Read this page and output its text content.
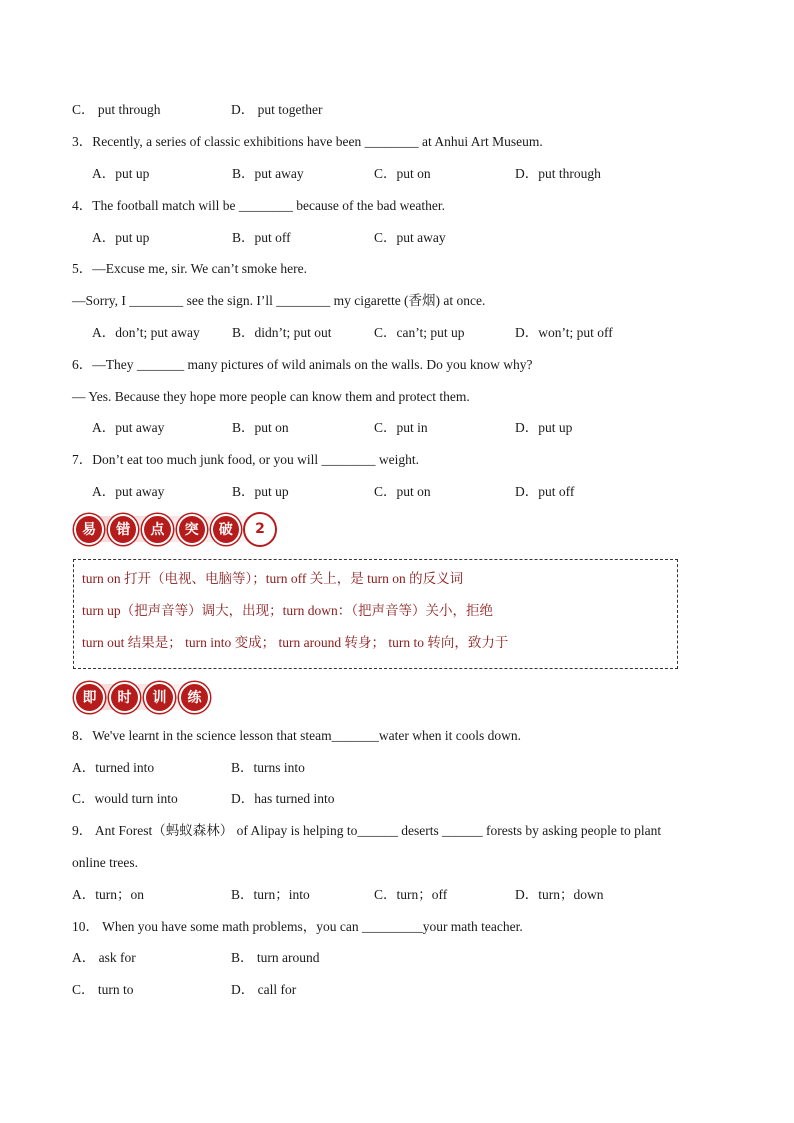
C． put through	D． put together
3．Recently, a series of classic exhibitions have been ________ at Anhui Art Museum.
A．put up	B．put away	C．put on	D．put through
4．The football match will be ________ because of the bad weather.
A．put up	B．put off	C．put away
5．—Excuse me, sir. We can’t smoke here.
—Sorry, I ________ see the sign. I’ll ________ my cigarette (香烟) at once.
A．don’t; put away B．didn’t; put out	C．can’t; put up	D．won’t; put off
6．—They _______ many pictures of wild animals on the walls. Do you know why?
— Yes. Because they hope more people can know them and protect them.
A．put away	B．put on	C．put in	D．put up
7．Don’t eat too much junk food, or you will ________ weight.
A．put away	B．put up	C．put on	D．put off
易	错	点	突	破	2
turn on 打开（电视、电脑等）；turn off 关上，是 turn on 的反义词
turn up（把声音等）调大，出现；turn down：（把声音等）关小，拒绝
turn out 结果是； turn into 变成； turn around 转身； turn to 转向，致力于
即	时	训	练
8．We've learnt in the science lesson that steam_______water when it cools down.
A．turned into	B．turns into
C．would turn into	D．has turned into
9． Ant Forest（蚂蚁森林） of Alipay is helping to______ deserts ______ forests by asking people to plant
online trees.
A．turn；on	B．turn；into	C．turn；off	D．turn；down
10． When you have some math problems，you can _________your math teacher.
A． ask for	B． turn around
C． turn to	D． call for
